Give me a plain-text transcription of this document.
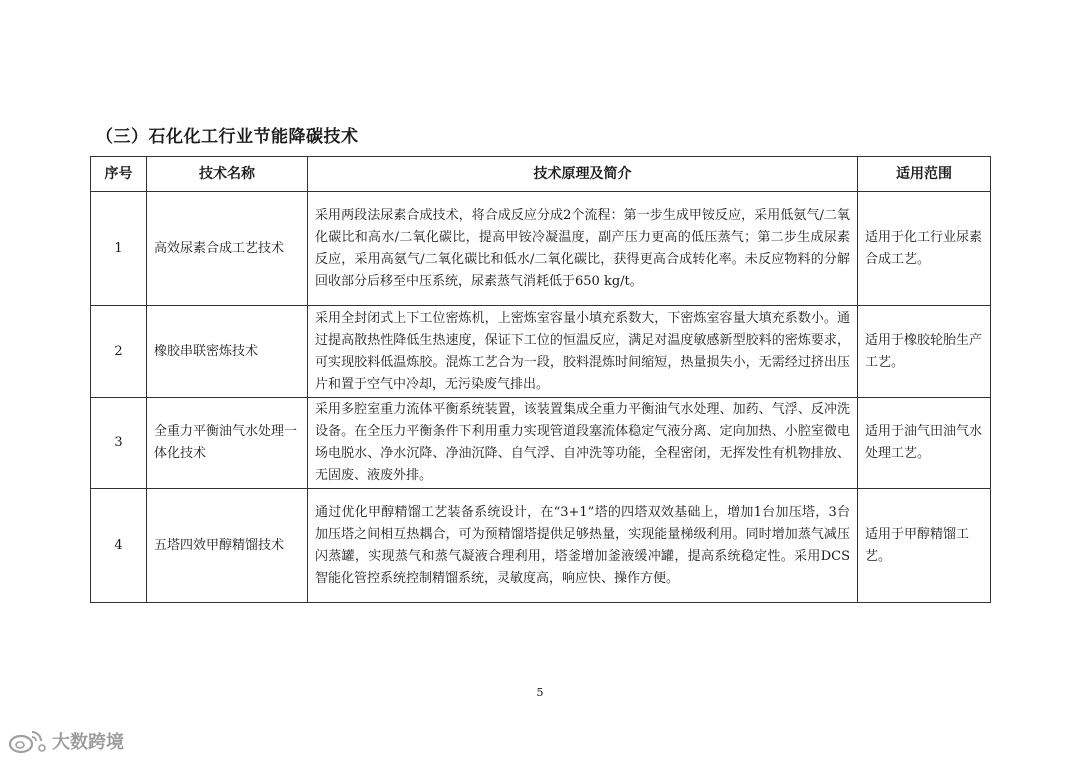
（三）石化化工行业节能降碳技术
序号	技术名称	技术原理及简介	适用范围
1	高效尿素合成工艺技术	采用两段法尿素合成技术，将合成反应分成2个流程：第一步生成甲铵反应，采用低氨气/二氧化碳比和高水/二氧化碳比，提高甲铵冷凝温度，副产压力更高的低压蒸气；第二步生成尿素反应，采用高氨气/二氧化碳比和低水/二氧化碳比，获得更高合成转化率。未反应物料的分解回收部分后移至中压系统，尿素蒸气消耗低于650 kg/t。	适用于化工行业尿素合成工艺。
2	橡胶串联密炼技术	采用全封闭式上下工位密炼机，上密炼室容量小填充系数大，下密炼室容量大填充系数小。通过提高散热性降低生热速度，保证下工位的恒温反应，满足对温度敏感新型胶料的密炼要求，可实现胶料低温炼胶。混炼工艺合为一段，胶料混炼时间缩短，热量损失小，无需经过挤出压片和置于空气中冷却，无污染废气排出。	适用于橡胶轮胎生产工艺。
3	全重力平衡油气水处理一体化技术	采用多腔室重力流体平衡系统装置，该装置集成全重力平衡油气水处理、加药、气浮、反冲洗设备。在全压力平衡条件下利用重力实现管道段塞流体稳定气液分离、定向加热、小腔室微电场电脱水、净水沉降、净油沉降、自气浮、自冲洗等功能，全程密闭，无挥发性有机物排放、无固废、液废外排。	适用于油气田油气水处理工艺。
4	五塔四效甲醇精馏技术	通过优化甲醇精馏工艺装备系统设计，在“3+1”塔的四塔双效基础上，增加1台加压塔，3台加压塔之间相互热耦合，可为预精馏塔提供足够热量，实现能量梯级利用。同时增加蒸气减压闪蒸罐，实现蒸气和蒸气凝液合理利用，塔釜增加釜液缓冲罐，提高系统稳定性。采用DCS智能化管控系统控制精馏系统，灵敏度高，响应快、操作方便。	适用于甲醇精馏工艺。
5
大数跨境
